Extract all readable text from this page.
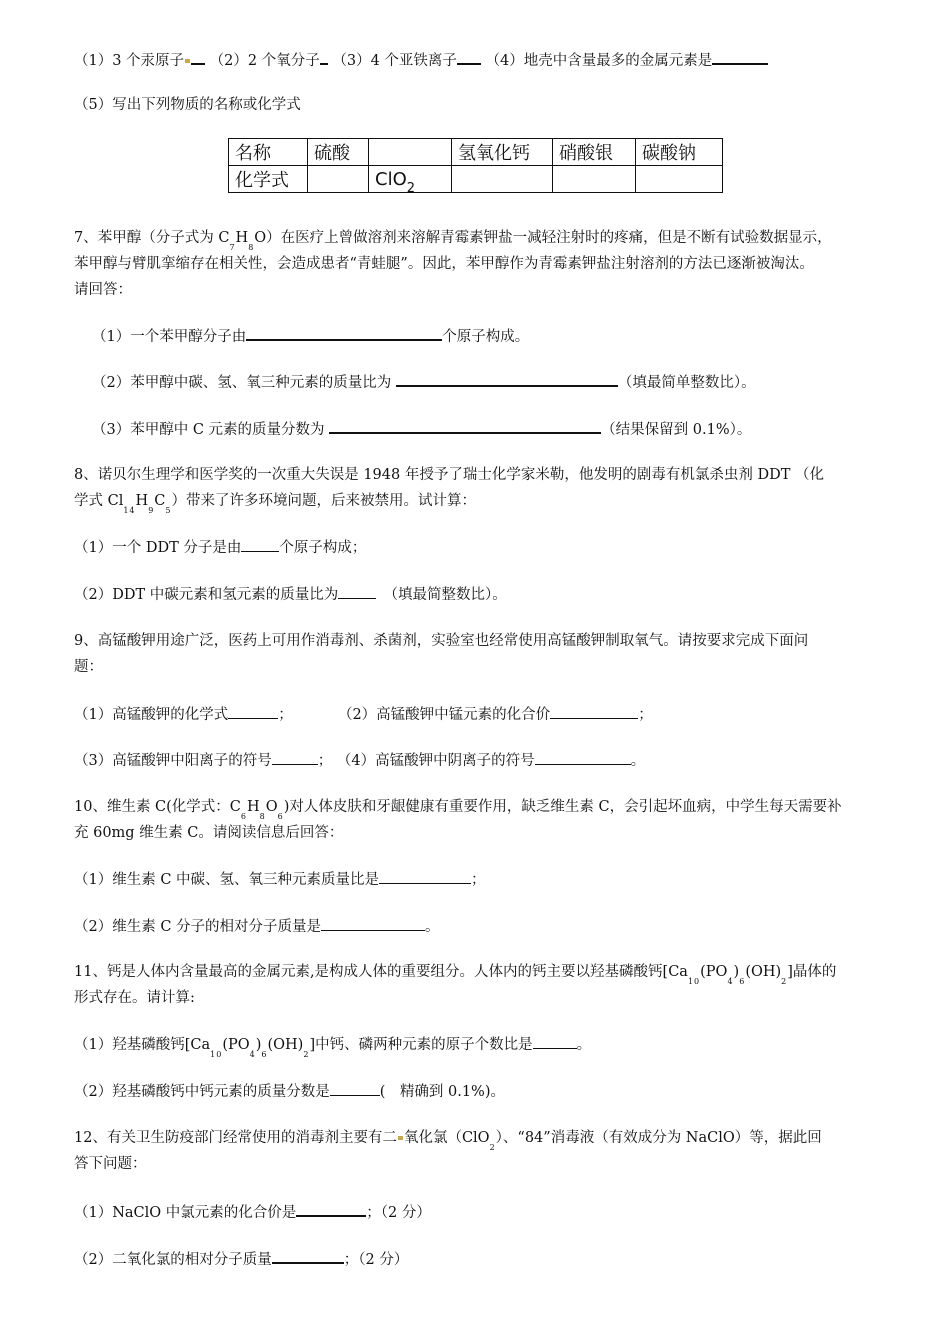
（1）3 个汞原子 （2）2 个氧分子 （3）4 个亚铁离子 （4）地壳中含量最多的金属元素是
（5）写出下列物质的名称或化学式
名称	硫酸		氢氧化钙	硝酸银	碳酸钠
化学式		ClO$_2$			
7、苯甲醇（分子式为 $C_7H_8O$）在医疗上曾做溶剂来溶解青霉素钾盐一减轻注射时的疼痛，但是不断有试验数据显示，
苯甲醇与臂肌挛缩存在相关性，会造成患者“青蛙腿”。因此，苯甲醇作为青霉素钾盐注射溶剂的方法已逐渐被淘汰。
请回答：
（1）一个苯甲醇分子由	个原子构成。
（2）苯甲醇中碳、氢、氧三种元素的质量比为	（填最简单整数比）。
（3）苯甲醇中 C 元素的质量分数为	（结果保留到 0.1%）。
8、诺贝尔生理学和医学奖的一次重大失误是 1948 年授予了瑞士化学家米勒，他发明的剧毒有机氯杀虫剂 DDT （化
学式 $Cl_{14}H_9C_5$）带来了许多环境问题，后来被禁用。试计算：
（1）一个 DDT 分子是由	个原子构成；
（2）DDT 中碳元素和氢元素的质量比为　	（填最简整数比）。
9、高锰酸钾用途广泛，医药上可用作消毒剂、杀菌剂，实验室也经常使用高锰酸钾制取氧气。请按要求完成下面问
题：
（1）高锰酸钾的化学式	；	（2）高锰酸钾中锰元素的化合价	；
（3）高锰酸钾中阳离子的符号	； （4）高锰酸钾中阴离子的符号	。
10、维生素 C(化学式：$C_6H_8O_6$)对人体皮肤和牙龈健康有重要作用，缺乏维生素 C，会引起坏血病，中学生每天需要补
充 60mg 维生素 C。请阅读信息后回答：
（1）维生素 C 中碳、氢、氧三种元素质量比是	；
（2）维生素 C 分子的相对分子质量是	。
11、钙是人体内含量最高的金属元素,是构成人体的重要组分。人体内的钙主要以羟基磷酸钙$[Ca_{10}(PO_4)_6(OH)_2]$晶体的
形式存在。请计算:
（1）羟基磷酸钙$[Ca_{10}(PO_4)_6(OH)_2]$中钙、磷两种元素的原子个数比是	。
（2）羟基磷酸钙中钙元素的质量分数是	(　精确到 0.1%)。
12、有关卫生防疫部门经常使用的消毒剂主要有二 氧化氯（ClO$_2$）、“84”消毒液（有效成分为 NaClO）等，据此回
答下问题：
（1）NaClO 中氯元素的化合价是	；（2 分）
（2）二氧化氯的相对分子质量	；（2 分）
